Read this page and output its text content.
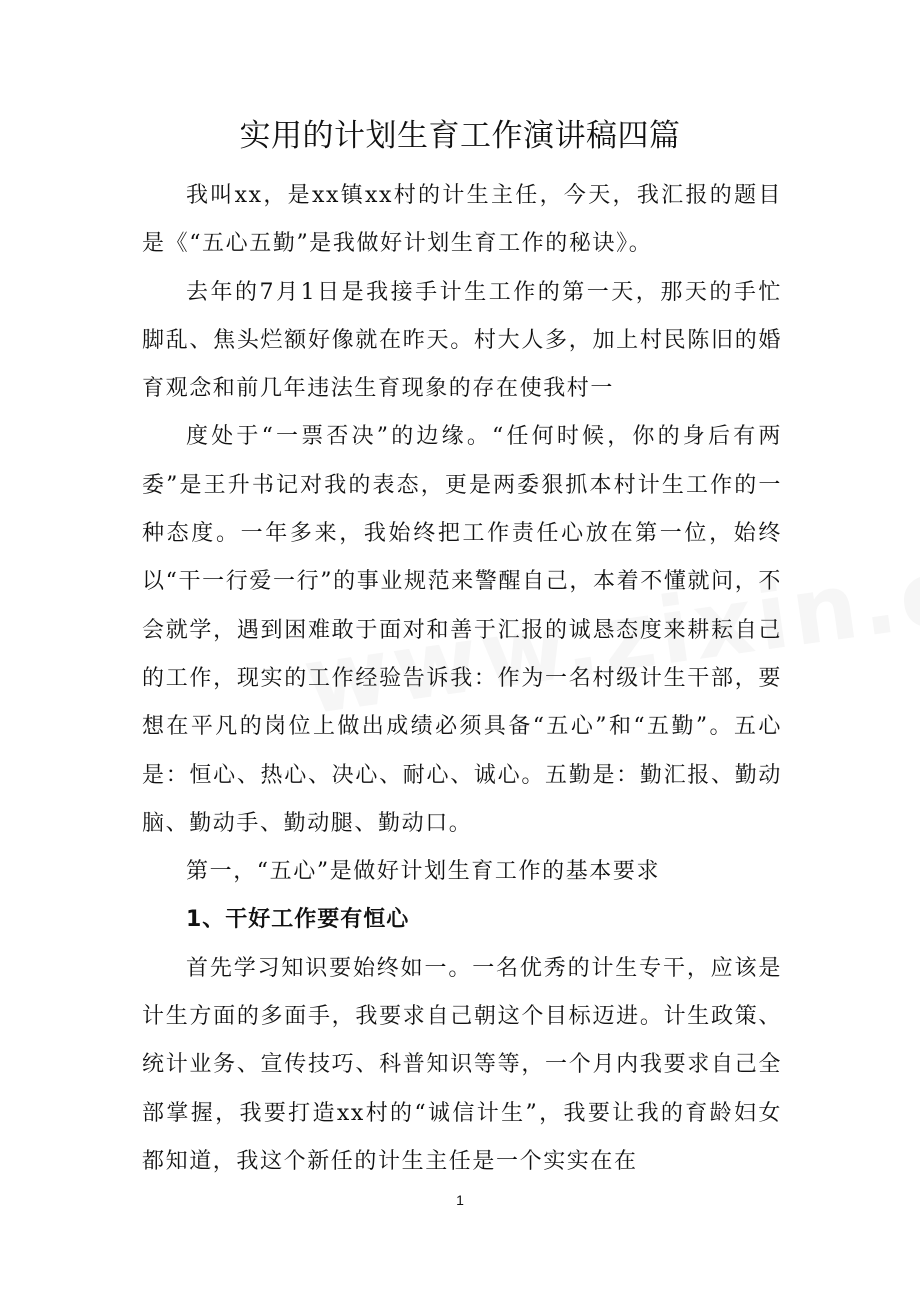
实用的计划生育工作演讲稿四篇

我叫xx，是xx镇xx村的计生主任，今天，我汇报的题目是《“五心五勤”是我做好计划生育工作的秘诀》。

去年的7月1日是我接手计生工作的第一天，那天的手忙脚乱、焦头烂额好像就在昨天。村大人多，加上村民陈旧的婚育观念和前几年违法生育现象的存在使我村一

度处于“一票否决”的边缘。“任何时候，你的身后有两委”是王升书记对我的表态，更是两委狠抓本村计生工作的一种态度。一年多来，我始终把工作责任心放在第一位，始终以“干一行爱一行”的事业规范来警醒自己，本着不懂就问，不会就学，遇到困难敢于面对和善于汇报的诚恳态度来耕耘自己的工作，现实的工作经验告诉我：作为一名村级计生干部，要想在平凡的岗位上做出成绩必须具备“五心”和“五勤”。五心是：恒心、热心、决心、耐心、诚心。五勤是：勤汇报、勤动脑、勤动手、勤动腿、勤动口。

第一，“五心”是做好计划生育工作的基本要求

1、干好工作要有恒心

首先学习知识要始终如一。一名优秀的计生专干，应该是计生方面的多面手，我要求自己朝这个目标迈进。计生政策、统计业务、宣传技巧、科普知识等等，一个月内我要求自己全部掌握，我要打造xx村的“诚信计生”，我要让我的育龄妇女都知道，我这个新任的计生主任是一个实实在在

1
